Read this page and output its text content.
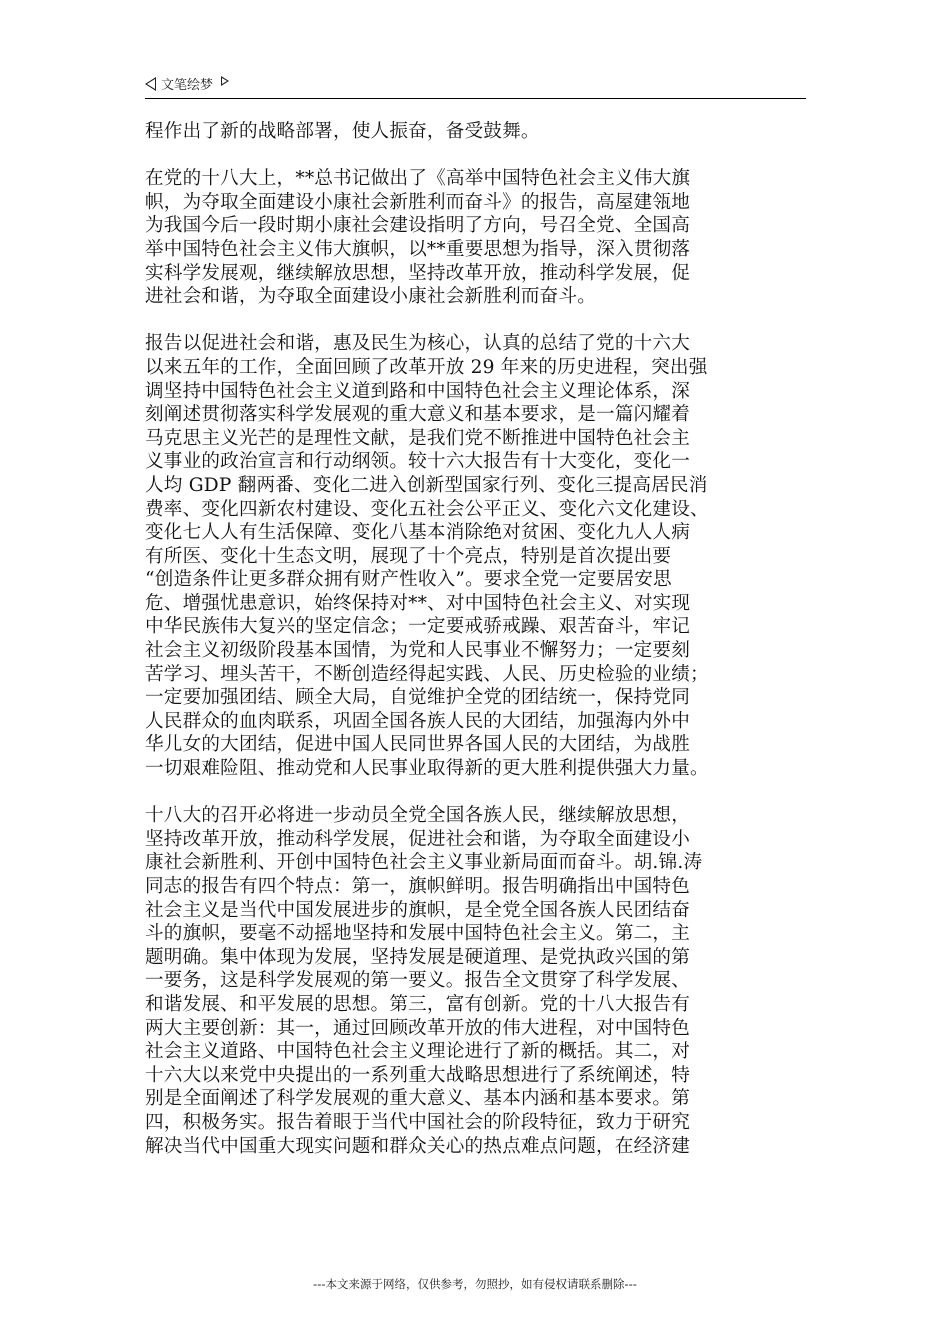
文笔绘梦

程作出了新的战略部署，使人振奋，备受鼓舞。

在党的十八大上，**总书记做出了《高举中国特色社会主义伟大旗
帜，为夺取全面建设小康社会新胜利而奋斗》的报告，高屋建瓴地
为我国今后一段时期小康社会建设指明了方向，号召全党、全国高
举中国特色社会主义伟大旗帜，以**重要思想为指导，深入贯彻落
实科学发展观，继续解放思想，坚持改革开放，推动科学发展，促
进社会和谐，为夺取全面建设小康社会新胜利而奋斗。

报告以促进社会和谐，惠及民生为核心，认真的总结了党的十六大
以来五年的工作，全面回顾了改革开放 29 年来的历史进程，突出强
调坚持中国特色社会主义道到路和中国特色社会主义理论体系，深
刻阐述贯彻落实科学发展观的重大意义和基本要求，是一篇闪耀着
马克思主义光芒的是理性文献，是我们党不断推进中国特色社会主
义事业的政治宣言和行动纲领。较十六大报告有十大变化，变化一
人均 GDP 翻两番、变化二进入创新型国家行列、变化三提高居民消
费率、变化四新农村建设、变化五社会公平正义、变化六文化建设、
变化七人人有生活保障、变化八基本消除绝对贫困、变化九人人病
有所医、变化十生态文明，展现了十个亮点，特别是首次提出要
“创造条件让更多群众拥有财产性收入”。要求全党一定要居安思
危、增强忧患意识，始终保持对**、对中国特色社会主义、对实现
中华民族伟大复兴的坚定信念；一定要戒骄戒躁、艰苦奋斗，牢记
社会主义初级阶段基本国情，为党和人民事业不懈努力；一定要刻
苦学习、埋头苦干，不断创造经得起实践、人民、历史检验的业绩；
一定要加强团结、顾全大局，自觉维护全党的团结统一，保持党同
人民群众的血肉联系，巩固全国各族人民的大团结，加强海内外中
华儿女的大团结，促进中国人民同世界各国人民的大团结，为战胜
一切艰难险阻、推动党和人民事业取得新的更大胜利提供强大力量。

十八大的召开必将进一步动员全党全国各族人民，继续解放思想，
坚持改革开放，推动科学发展，促进社会和谐，为夺取全面建设小
康社会新胜利、开创中国特色社会主义事业新局面而奋斗。胡.锦.涛
同志的报告有四个特点：第一，旗帜鲜明。报告明确指出中国特色
社会主义是当代中国发展进步的旗帜，是全党全国各族人民团结奋
斗的旗帜，要毫不动摇地坚持和发展中国特色社会主义。第二，主
题明确。集中体现为发展，坚持发展是硬道理、是党执政兴国的第
一要务，这是科学发展观的第一要义。报告全文贯穿了科学发展、
和谐发展、和平发展的思想。第三，富有创新。党的十八大报告有
两大主要创新：其一，通过回顾改革开放的伟大进程，对中国特色
社会主义道路、中国特色社会主义理论进行了新的概括。其二，对
十六大以来党中央提出的一系列重大战略思想进行了系统阐述，特
别是全面阐述了科学发展观的重大意义、基本内涵和基本要求。第
四，积极务实。报告着眼于当代中国社会的阶段特征，致力于研究
解决当代中国重大现实问题和群众关心的热点难点问题，在经济建

---本文来源于网络，仅供参考，勿照抄，如有侵权请联系删除---
